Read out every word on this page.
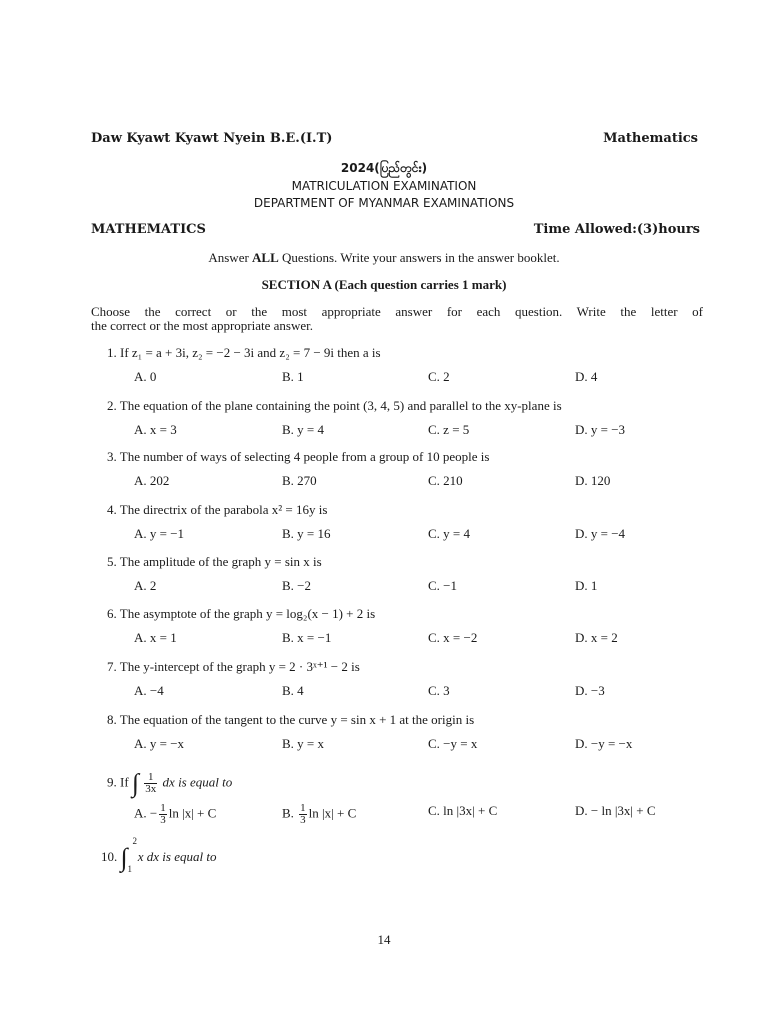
Daw Kyawt Kyawt Nyein B.E.(I.T)	Mathematics
2024(ပြည်တွင်း)
MATRICULATION EXAMINATION
DEPARTMENT OF MYANMAR EXAMINATIONS
MATHEMATICS	Time Allowed:(3)hours
Answer ALL Questions. Write your answers in the answer booklet.
SECTION A (Each question carries 1 mark)
Choose the correct or the most appropriate answer for each question. Write the letter of
the correct or the most appropriate answer.
1. If z₁ = a + 3i, z₂ = −2 − 3i and z₂ = 7 − 9i then a is
A. 0	B. 1	C. 2	D. 4
2. The equation of the plane containing the point (3, 4, 5) and parallel to the xy-plane is
A. x = 3	B. y = 4	C. z = 5	D. y = −3
3. The number of ways of selecting 4 people from a group of 10 people is
A. 202	B. 270	C. 210	D. 120
4. The directrix of the parabola x² = 16y is
A. y = −1	B. y = 16	C. y = 4	D. y = −4
5. The amplitude of the graph y = sin x is
A. 2	B. −2	C. −1	D. 1
6. The asymptote of the graph y = log₂(x − 1) + 2 is
A. x = 1	B. x = −1	C. x = −2	D. x = 2
7. The y-intercept of the graph y = 2 · 3ˣ⁺¹ − 2 is
A. −4	B. 4	C. 3	D. −3
8. The equation of the tangent to the curve y = sin x + 1 at the origin is
A. y = −x	B. y = x	C. −y = x	D. −y = −x
9. If ∫ $\frac{1}{3x}$ dx is equal to
A. − $\frac{1}{3}$ ln |x| + C	B. $\frac{1}{3}$ ln |x| + C	C. ln |3x| + C	D. − ln |3x| + C
10. ∫
2
1
x dx is equal to
14
